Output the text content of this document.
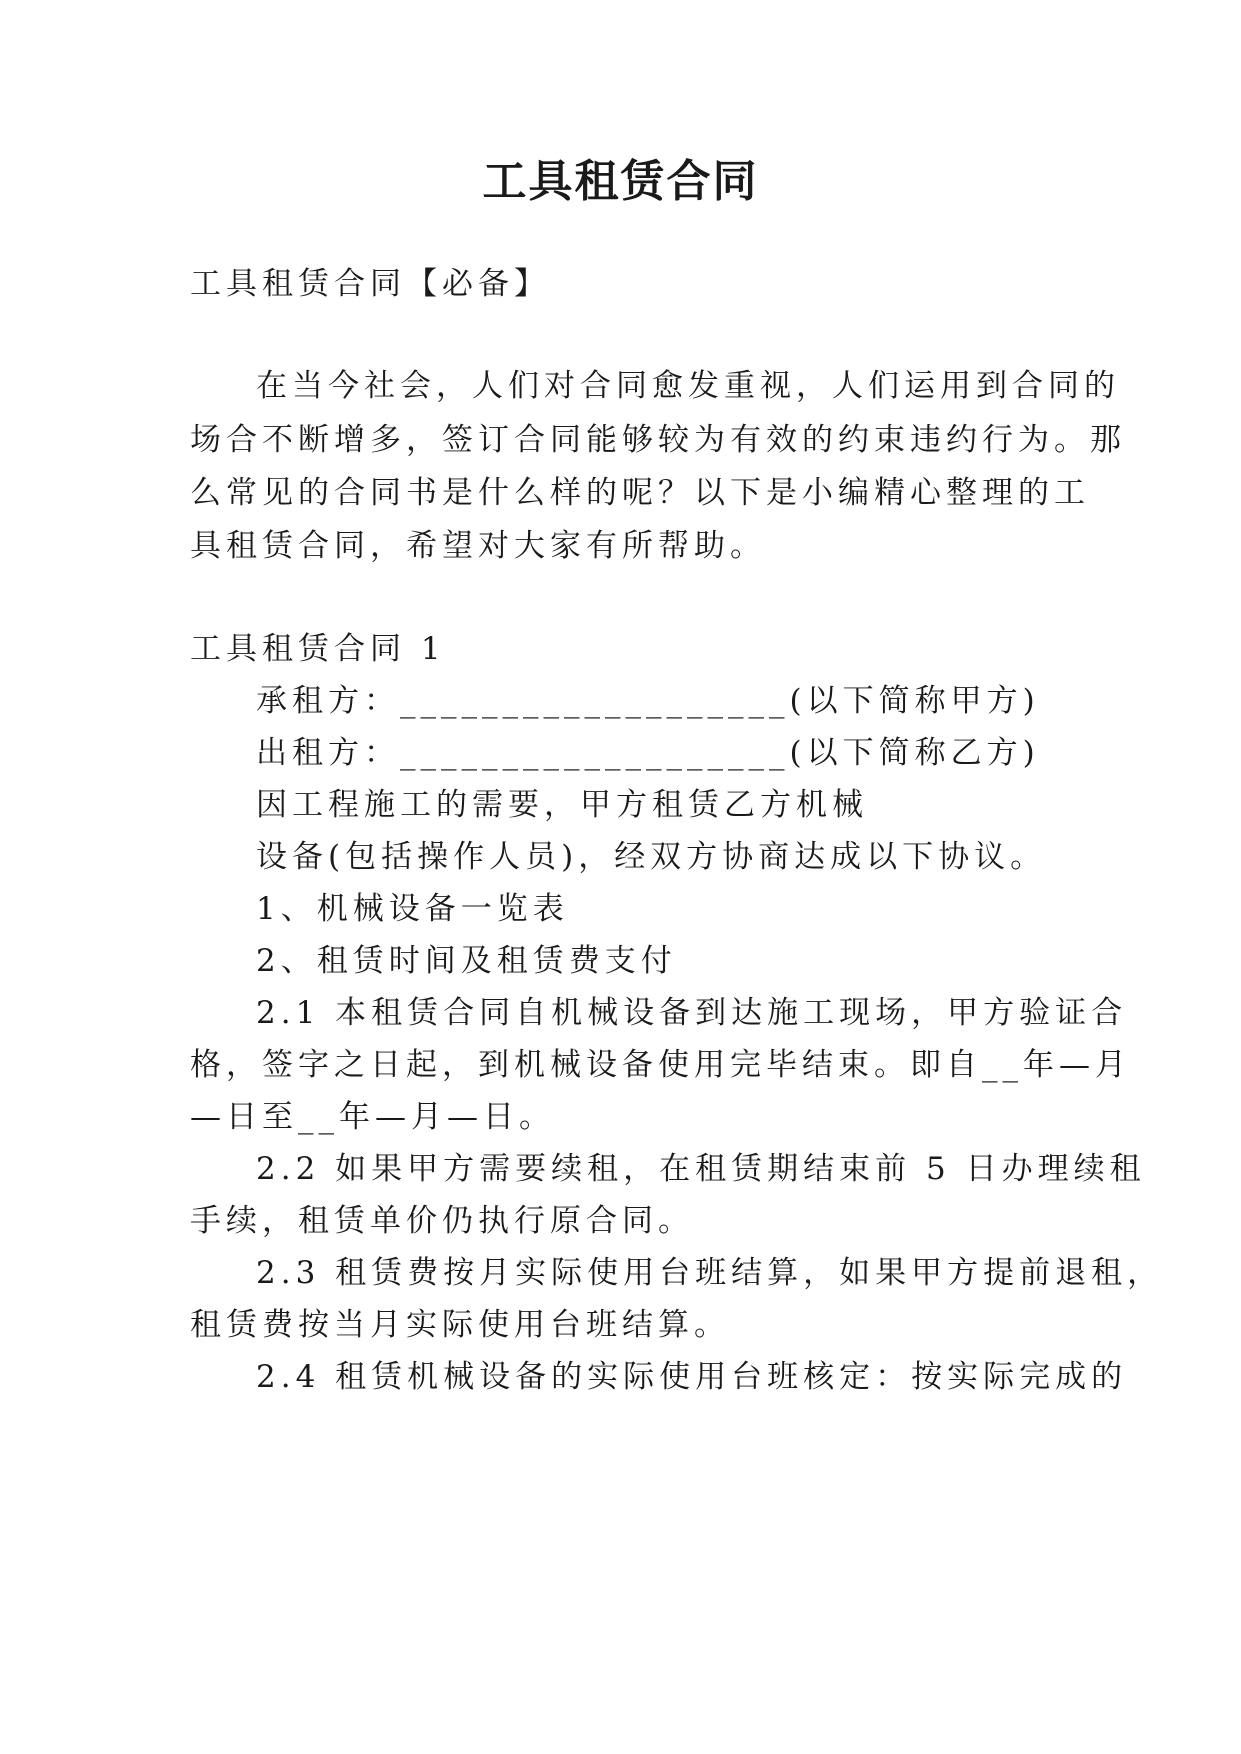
工具租赁合同
工具租赁合同【必备】
在当今社会，人们对合同愈发重视，人们运用到合同的
场合不断增多，签订合同能够较为有效的约束违约行为。那
么常见的合同书是什么样的呢？以下是小编精心整理的工
具租赁合同，希望对大家有所帮助。
工具租赁合同 1
承租方：___________________(以下简称甲方)
出租方：___________________(以下简称乙方)
因工程施工的需要，甲方租赁乙方机械
设备(包括操作人员)，经双方协商达成以下协议。
1、机械设备一览表
2、租赁时间及租赁费支付
2.1 本租赁合同自机械设备到达施工现场，甲方验证合
格，签字之日起，到机械设备使用完毕结束。即自__年—月
—日至__年—月—日。
2.2 如果甲方需要续租，在租赁期结束前 5 日办理续租
手续，租赁单价仍执行原合同。
2.3 租赁费按月实际使用台班结算，如果甲方提前退租，
租赁费按当月实际使用台班结算。
2.4 租赁机械设备的实际使用台班核定：按实际完成的
